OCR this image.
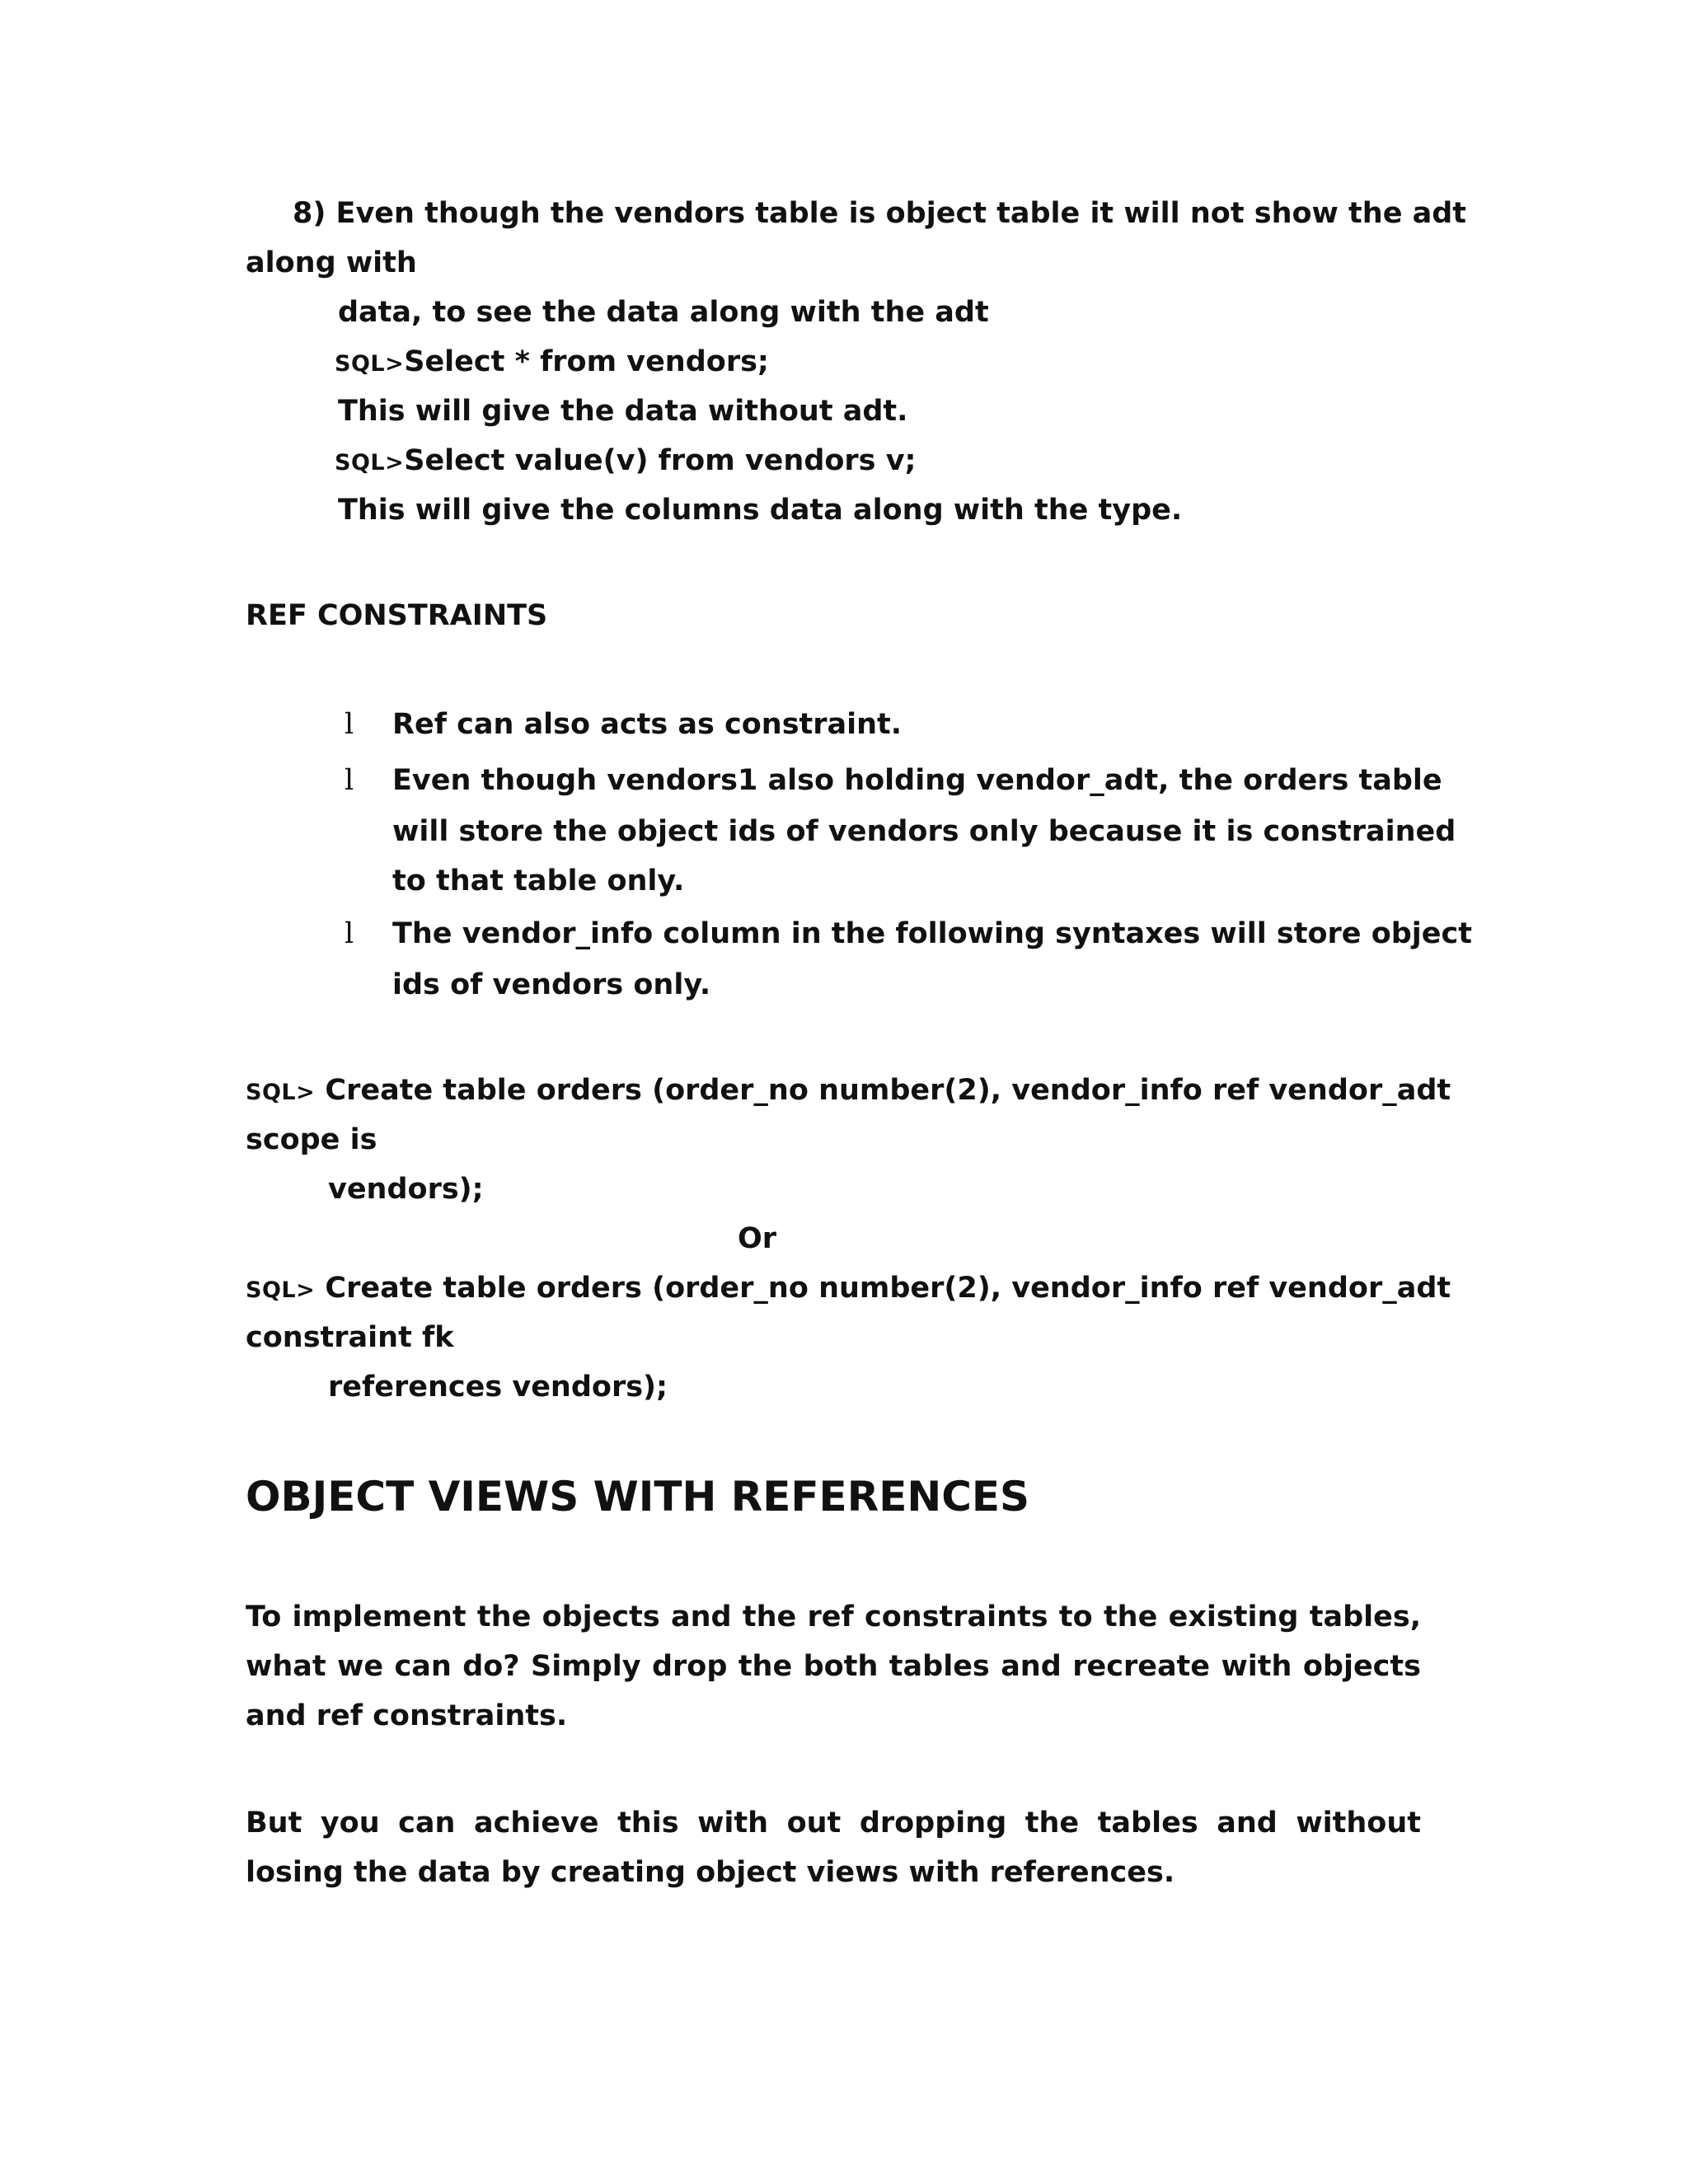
8) Even though the vendors table is object table it will not show the adt
along with
data, to see the data along with the adt
SQL>Select * from vendors;
This will give the data without adt.
SQL>Select value(v) from vendors v;
This will give the columns data along with the type.
REF CONSTRAINTS
l Ref can also acts as constraint.
l Even though vendors1 also holding vendor_adt, the orders table
will store the object ids of vendors only because it is constrained
to that table only.
l The vendor_info column in the following syntaxes will store object
ids of vendors only.
SQL> Create table orders (order_no number(2), vendor_info ref vendor_adt
scope is
vendors);
Or
SQL> Create table orders (order_no number(2), vendor_info ref vendor_adt
constraint fk
references vendors);
OBJECT VIEWS WITH REFERENCES
To implement the objects and the ref constraints to the existing tables, what we can do? Simply drop the both tables and recreate with objects and ref constraints.
But you can achieve this with out dropping the tables and without losing the data by creating object views with references.
